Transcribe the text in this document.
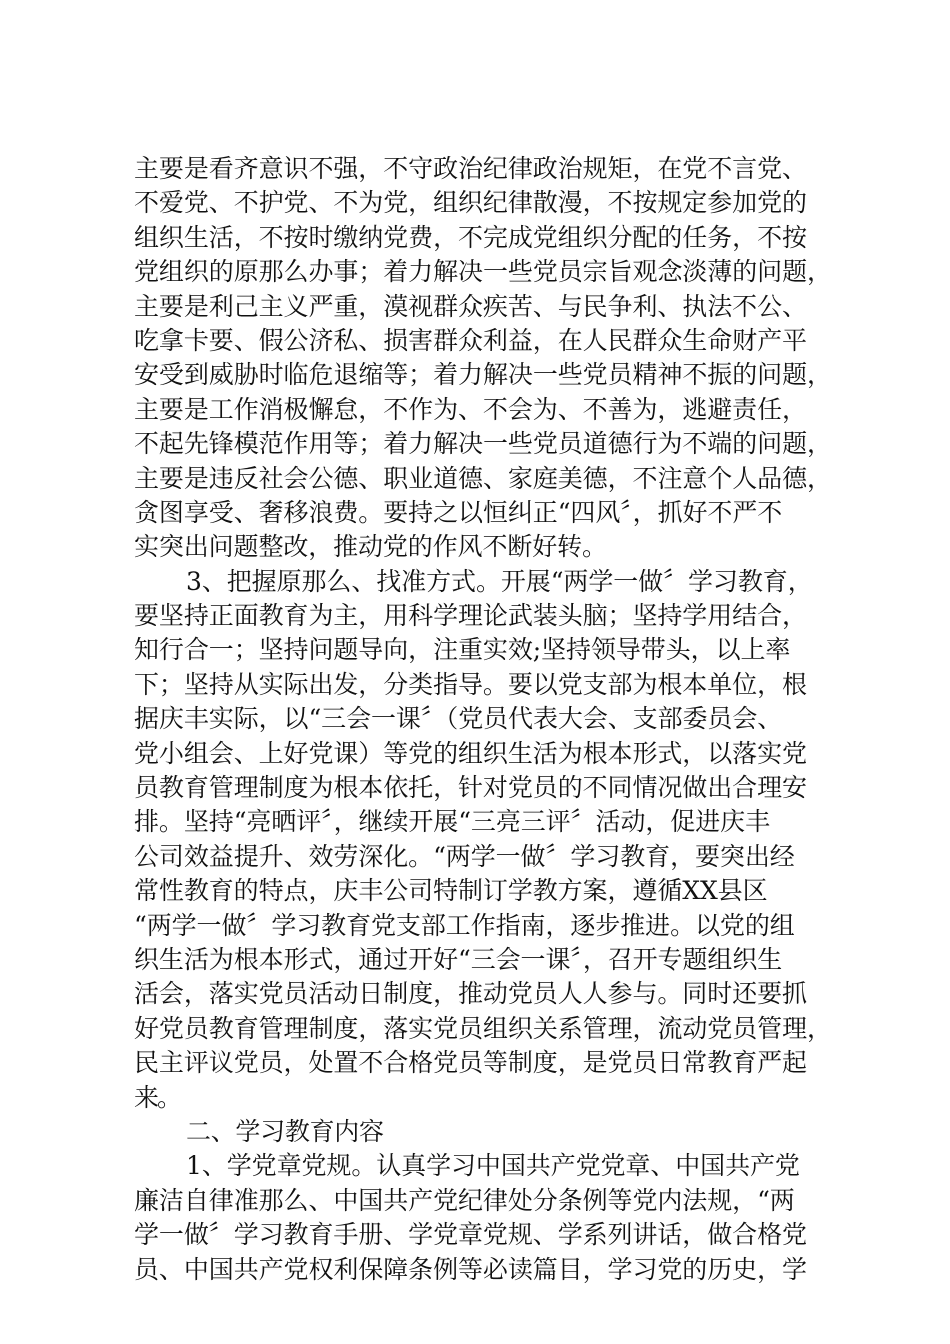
主要是看齐意识不强，不守政治纪律政治规矩，在党不言党、
不爱党、不护党、不为党，组织纪律散漫，不按规定参加党的
组织生活，不按时缴纳党费，不完成党组织分配的任务，不按
党组织的原那么办事；着力解决一些党员宗旨观念淡薄的问题，
主要是利己主义严重，漠视群众疾苦、与民争利、执法不公、
吃拿卡要、假公济私、损害群众利益，在人民群众生命财产平
安受到威胁时临危退缩等；着力解决一些党员精神不振的问题，
主要是工作消极懈怠，不作为、不会为、不善为，逃避责任，
不起先锋模范作用等；着力解决一些党员道德行为不端的问题，
主要是违反社会公德、职业道德、家庭美德，不注意个人品德，
贪图享受、奢移浪费。要持之以恒纠正“四风〞，抓好不严不
实突出问题整改，推动党的作风不断好转。
3、把握原那么、找准方式。开展“两学一做〞学习教育，
要坚持正面教育为主，用科学理论武装头脑；坚持学用结合，
知行合一；坚持问题导向，注重实效;坚持领导带头，以上率
下；坚持从实际出发，分类指导。要以党支部为根本单位，根
据庆丰实际，以“三会一课〞（党员代表大会、支部委员会、
党小组会、上好党课）等党的组织生活为根本形式，以落实党
员教育管理制度为根本依托，针对党员的不同情况做出合理安
排。坚持“亮晒评〞，继续开展“三亮三评〞活动，促进庆丰
公司效益提升、效劳深化。“两学一做〞学习教育，要突出经
常性教育的特点，庆丰公司特制订学教方案，遵循XX县区
“两学一做〞学习教育党支部工作指南，逐步推进。以党的组
织生活为根本形式，通过开好“三会一课〞，召开专题组织生
活会，落实党员活动日制度，推动党员人人参与。同时还要抓
好党员教育管理制度，落实党员组织关系管理，流动党员管理，
民主评议党员，处置不合格党员等制度，是党员日常教育严起
来。
二、学习教育内容
1、学党章党规。认真学习中国共产党党章、中国共产党
廉洁自律准那么、中国共产党纪律处分条例等党内法规，“两
学一做〞学习教育手册、学党章党规、学系列讲话，做合格党
员、中国共产党权利保障条例等必读篇目，学习党的历史，学
